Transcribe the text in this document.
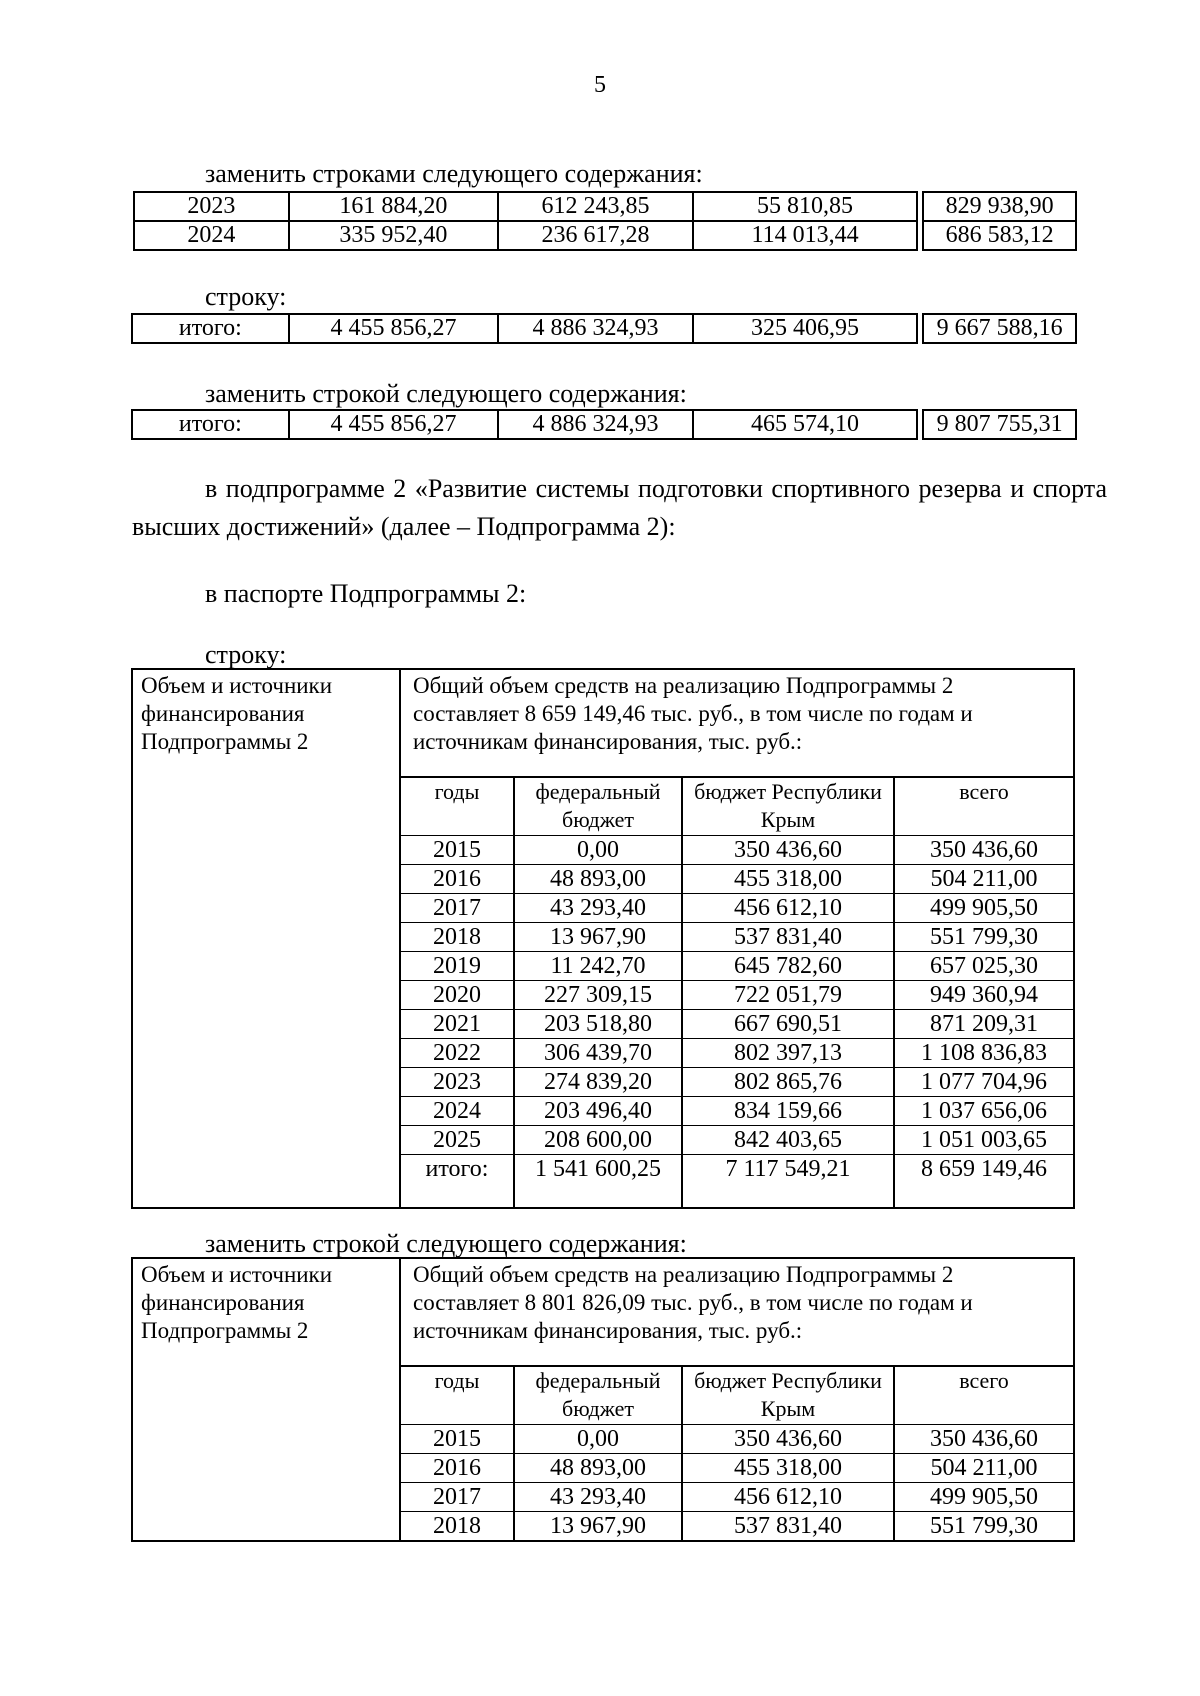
5
заменить строками следующего содержания:
2023	161 884,20	612 243,85	55 810,85		829 938,90
2024	335 952,40	236 617,28	114 013,44		686 583,12
строку:
итого:	4 455 856,27	4 886 324,93	325 406,95		9 667 588,16
заменить строкой следующего содержания:
итого:	4 455 856,27	4 886 324,93	465 574,10		9 807 755,31
в подпрограмме 2 «Развитие системы подготовки спортивного резерва и спорта высших достижений» (далее – Подпрограмма 2):
в паспорте Подпрограммы 2:
строку:
Объем и источники финансирования Подпрограммы 2	
Общий объем средств на реализацию Подпрограммы 2 составляет 8 659 149,46 тыс. руб., в том числе по годам и источникам финансирования, тыс. руб.:
годы	федеральный бюджет	бюджет Республики Крым	всего
2015	0,00	350 436,60	350 436,60
2016	48 893,00	455 318,00	504 211,00
2017	43 293,40	456 612,10	499 905,50
2018	13 967,90	537 831,40	551 799,30
2019	11 242,70	645 782,60	657 025,30
2020	227 309,15	722 051,79	949 360,94
2021	203 518,80	667 690,51	871 209,31
2022	306 439,70	802 397,13	1 108 836,83
2023	274 839,20	802 865,76	1 077 704,96
2024	203 496,40	834 159,66	1 037 656,06
2025	208 600,00	842 403,65	1 051 003,65
итого:	1 541 600,25	7 117 549,21	8 659 149,46
заменить строкой следующего содержания:
Объем и источники финансирования Подпрограммы 2	
Общий объем средств на реализацию Подпрограммы 2 составляет 8 801 826,09 тыс. руб., в том числе по годам и источникам финансирования, тыс. руб.:
годы	федеральный бюджет	бюджет Республики Крым	всего
2015	0,00	350 436,60	350 436,60
2016	48 893,00	455 318,00	504 211,00
2017	43 293,40	456 612,10	499 905,50
2018	13 967,90	537 831,40	551 799,30
